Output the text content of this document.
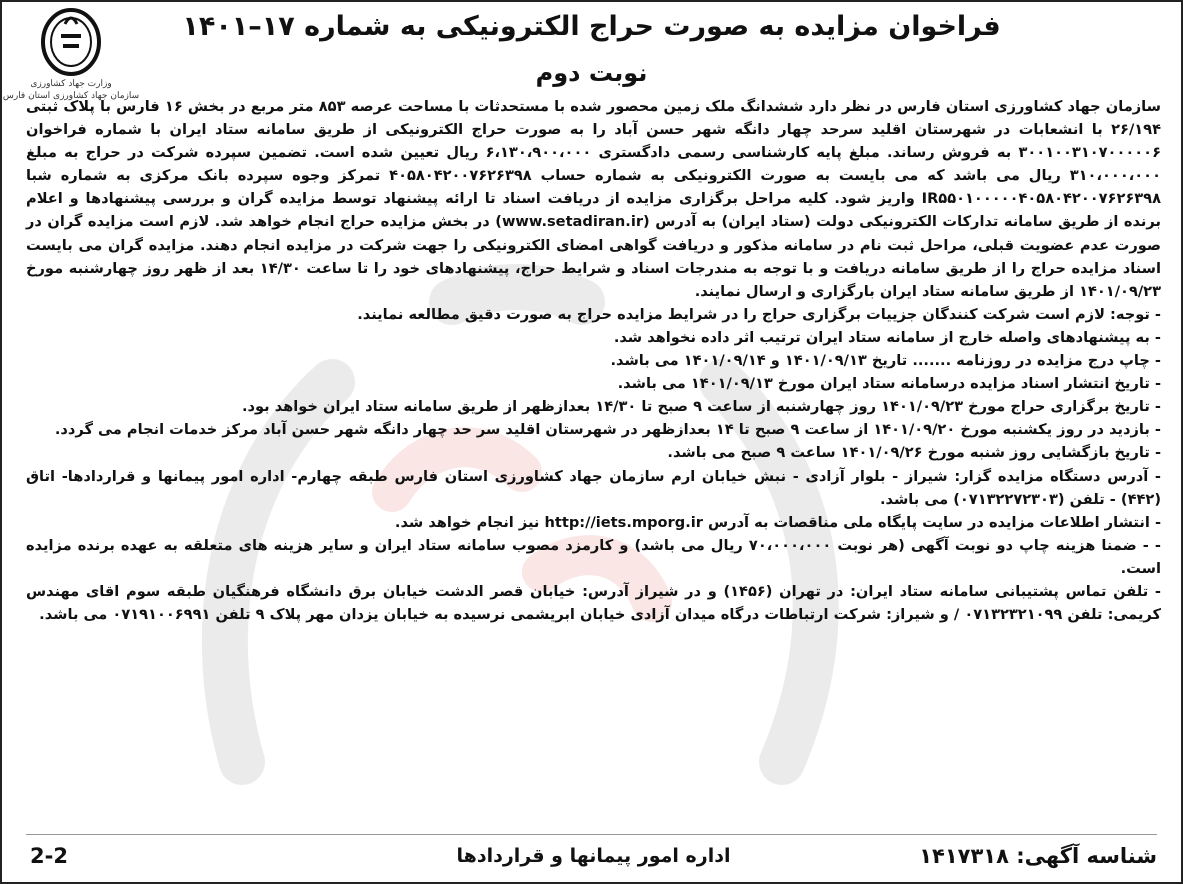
وزارت جهاد کشاورزی
سازمان جهاد کشاورزی استان فارس
فراخوان مزایده به صورت حراج الکترونیکی به شماره ۱۷–۱۴۰۱
نوبت دوم

سازمان جهاد کشاورزی استان فارس در نظر دارد ششدانگ ملک زمین محصور شده با مستحدثات با مساحت عرصه ۸۵۳ متر مربع در بخش ۱۶ فارس با پلاک ثبتی ۲۶/۱۹۴ با انشعابات در شهرستان اقلید سرحد چهار دانگه شهر حسن آباد را به صورت حراج الکترونیکی از طریق سامانه ستاد ایران با شماره فراخوان ۳۰۰۱۰۰۳۱۰۷۰۰۰۰۰۶ به فروش رساند. مبلغ پایه کارشناسی رسمی دادگستری ۶،۱۳۰،۹۰۰،۰۰۰ ریال تعیین شده است. تضمین سپرده شرکت در حراج به مبلغ ۳۱۰،۰۰۰،۰۰۰ ریال می باشد که می بایست به صورت الکترونیکی به شماره حساب ۴۰۵۸۰۴۲۰۰۷۶۲۶۳۹۸ تمرکز وجوه سپرده بانک مرکزی به شماره شبا IR۵۵۰۱۰۰۰۰۰۴۰۵۸۰۴۲۰۰۷۶۲۶۳۹۸ واریز شود. کلیه مراحل برگزاری مزایده از دریافت اسناد تا ارائه پیشنهاد توسط مزایده گران و بررسی پیشنهادها و اعلام برنده از طریق سامانه تدارکات الکترونیکی دولت (ستاد ایران) به آدرس (www.setadiran.ir) در بخش مزایده حراج انجام خواهد شد. لازم است مزایده گران در صورت عدم عضویت قبلی، مراحل ثبت نام در سامانه مذکور و دریافت گواهی امضای الکترونیکی را جهت شرکت در مزایده انجام دهند. مزایده گران می بایست اسناد مزایده حراج را از طریق سامانه دریافت و با توجه به مندرجات اسناد و شرایط حراج، پیشنهادهای خود را تا ساعت ۱۴/۳۰ بعد از ظهر روز چهارشنبه مورخ ۱۴۰۱/۰۹/۲۳ از طریق سامانه ستاد ایران بارگزاری و ارسال نمایند.

- توجه: لازم است شرکت کنندگان جزییات برگزاری حراج را در شرایط مزایده حراج به صورت دقیق مطالعه نمایند.

- به پیشنهادهای واصله خارج از سامانه ستاد ایران ترتیب اثر داده نخواهد شد.

- چاپ درج مزایده در روزنامه ....... تاریخ ۱۴۰۱/۰۹/۱۳ و ۱۴۰۱/۰۹/۱۴ می باشد.

- تاریخ انتشار اسناد مزایده درسامانه ستاد ایران مورخ ۱۴۰۱/۰۹/۱۳ می باشد.

- تاریخ برگزاری حراج مورخ ۱۴۰۱/۰۹/۲۳ روز چهارشنبه از ساعت ۹ صبح تا ۱۴/۳۰ بعدازظهر از طریق سامانه ستاد ایران خواهد بود.

- بازدید در روز یکشنبه مورخ ۱۴۰۱/۰۹/۲۰ از ساعت ۹ صبح تا ۱۴ بعدازظهر در شهرستان اقلید سر حد چهار دانگه شهر حسن آباد مرکز خدمات انجام می گردد.

- تاریخ بازگشایی روز شنبه مورخ ۱۴۰۱/۰۹/۲۶ ساعت ۹ صبح می باشد.

- آدرس دستگاه مزایده گزار: شیراز - بلوار آزادی - نبش خیابان ارم سازمان جهاد کشاورزی استان فارس طبقه چهارم- اداره امور پیمانها و قراردادها- اتاق (۴۴۲) - تلفن (۰۷۱۳۲۲۷۲۳۰۳) می باشد.

- انتشار اطلاعات مزایده در سایت پایگاه ملی مناقصات به آدرس http://iets.mporg.ir نیز انجام خواهد شد.

- - ضمنا هزینه چاپ دو نوبت آگهی (هر نوبت ۷۰،۰۰۰،۰۰۰ ریال می باشد) و کارمزد مصوب سامانه ستاد ایران و سایر هزینه های متعلقه به عهده برنده مزایده است.

- تلفن تماس پشتیبانی سامانه ستاد ایران: در تهران (۱۴۵۶) و در شیراز آدرس: خیابان قصر الدشت خیابان برق دانشگاه فرهنگیان طبقه سوم اقای مهندس کریمی: تلفن ۰۷۱۳۲۳۲۱۰۹۹ / و شیراز: شرکت ارتباطات درگاه میدان آزادی خیابان ابریشمی نرسیده به خیابان یزدان مهر پلاک ۹ تلفن ۰۷۱۹۱۰۰۶۹۹۱ می باشد.

شناسه آگهی: ۱۴۱۷۳۱۸
اداره امور پیمانها و قراردادها
2-2
